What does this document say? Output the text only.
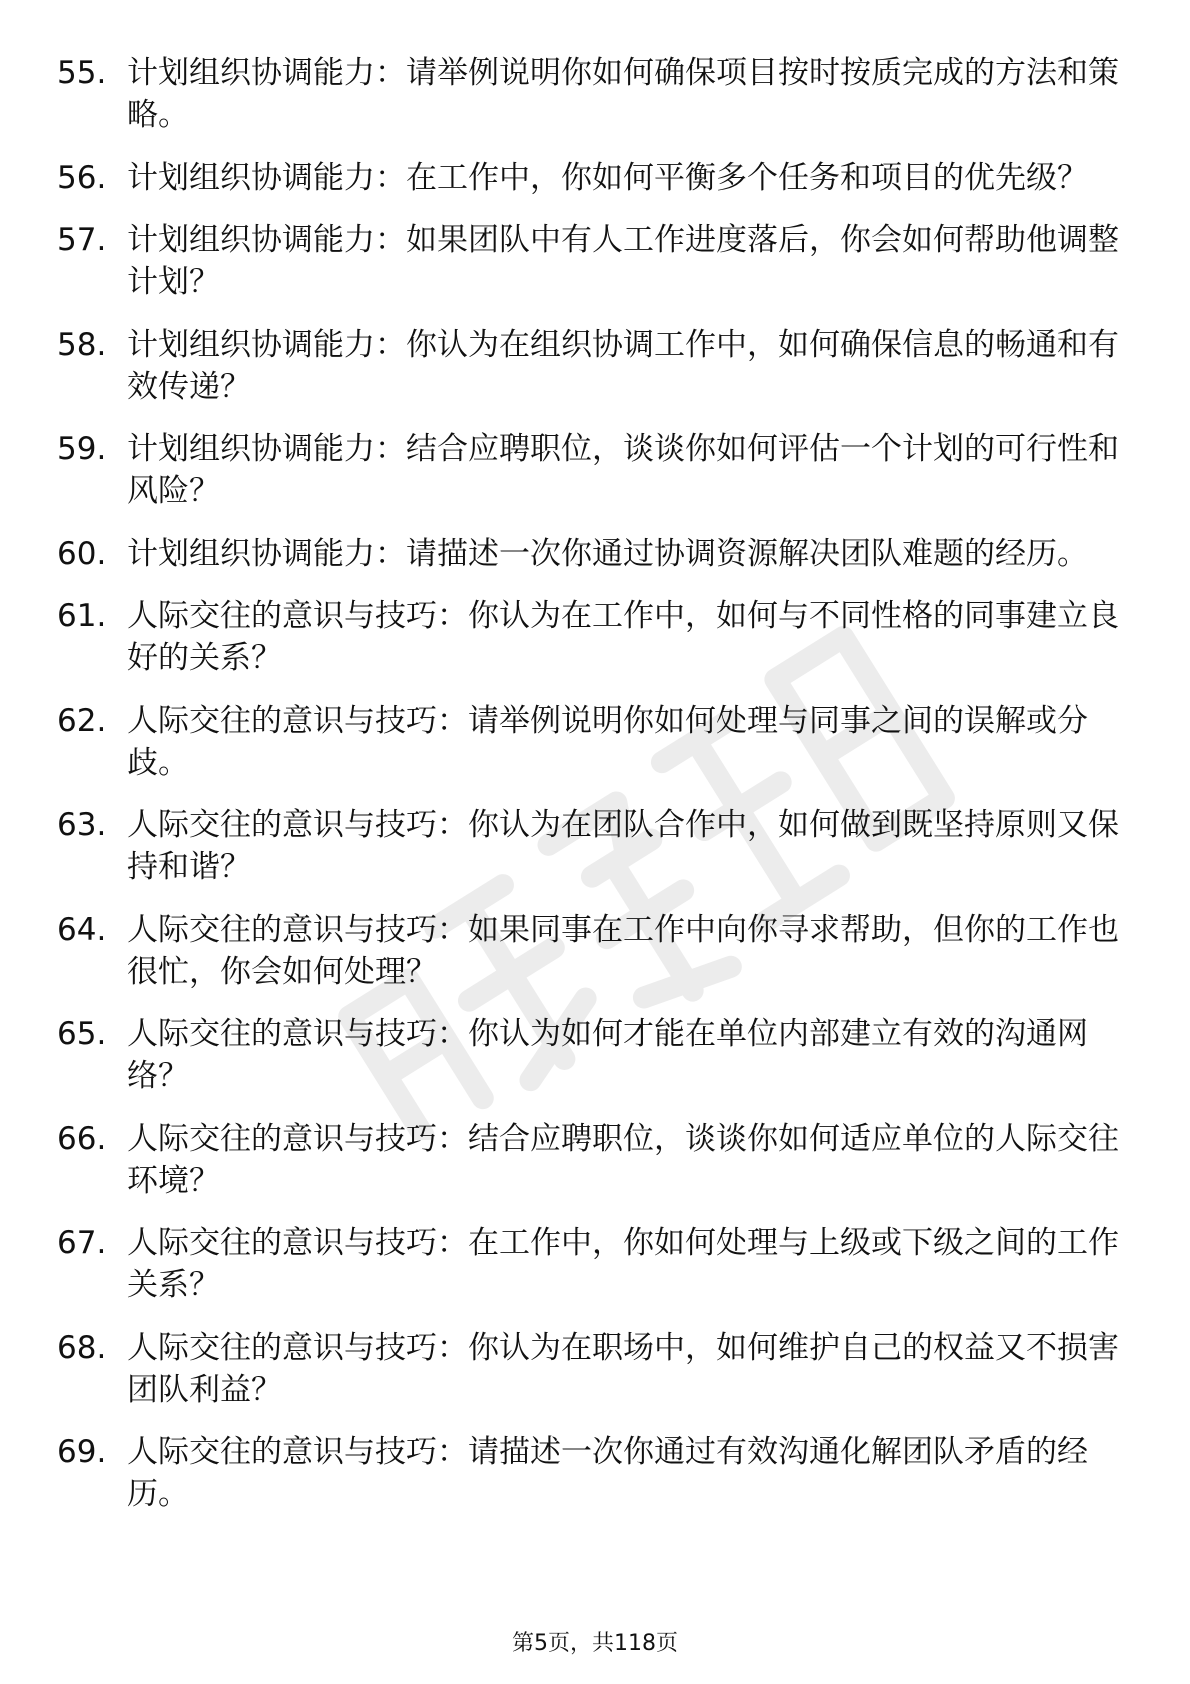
55. 计划组织协调能力：请举例说明你如何确保项目按时按质完成的方法和策略。
56. 计划组织协调能力：在工作中，你如何平衡多个任务和项目的优先级？
57. 计划组织协调能力：如果团队中有人工作进度落后，你会如何帮助他调整计划？
58. 计划组织协调能力：你认为在组织协调工作中，如何确保信息的畅通和有效传递？
59. 计划组织协调能力：结合应聘职位，谈谈你如何评估一个计划的可行性和风险？
60. 计划组织协调能力：请描述一次你通过协调资源解决团队难题的经历。
61. 人际交往的意识与技巧：你认为在工作中，如何与不同性格的同事建立良好的关系？
62. 人际交往的意识与技巧：请举例说明你如何处理与同事之间的误解或分歧。
63. 人际交往的意识与技巧：你认为在团队合作中，如何做到既坚持原则又保持和谐？
64. 人际交往的意识与技巧：如果同事在工作中向你寻求帮助，但你的工作也很忙，你会如何处理？
65. 人际交往的意识与技巧：你认为如何才能在单位内部建立有效的沟通网络？
66. 人际交往的意识与技巧：结合应聘职位，谈谈你如何适应单位的人际交往环境？
67. 人际交往的意识与技巧：在工作中，你如何处理与上级或下级之间的工作关系？
68. 人际交往的意识与技巧：你认为在职场中，如何维护自己的权益又不损害团队利益？
69. 人际交往的意识与技巧：请描述一次你通过有效沟通化解团队矛盾的经历。
第5页，共118页
